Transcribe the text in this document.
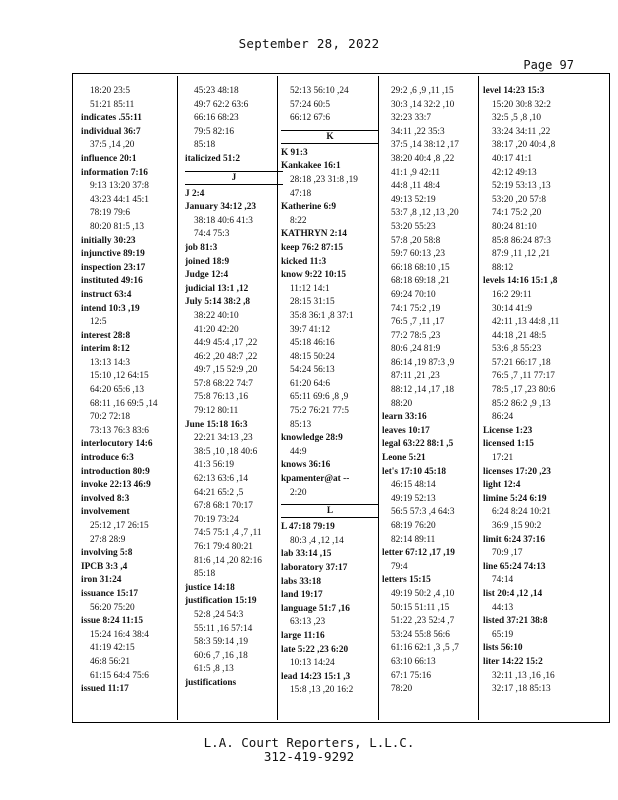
September 28, 2022
Page 97
18:20 23:5
51:21 85:11
indicates .55:11
individual 36:7
37:5 ,14 ,20
influence 20:1
information 7:16
9:13 13:20 37:8
43:23 44:1 45:1
78:19 79:6
80:20 81:5 ,13
initially 30:23
injunctive 89:19
inspection 23:17
instituted 49:16
instruct 63:4
intend 10:3 ,19
12:5
interest 28:8
interim 8:12
13:13 14:3
15:10 ,12 64:15
64:20 65:6 ,13
68:11 ,16 69:5 ,14
70:2 72:18
73:13 76:3 83:6
interlocutory 14:6
introduce 6:3
introduction 80:9
invoke 22:13 46:9
involved 8:3
involvement
25:12 ,17 26:15
27:8 28:9
involving 5:8
IPCB 3:3 ,4
iron 31:24
issuance 15:17
56:20 75:20
issue 8:24 11:15
15:24 16:4 38:4
41:19 42:15
46:8 56:21
61:15 64:4 75:6
issued 11:17
45:23 48:18
49:7 62:2 63:6
66:16 68:23
79:5 82:16
85:18
italicized 51:2
J
J 2:4
January 34:12 ,23
38:18 40:6 41:3
74:4 75:3
job 81:3
joined 18:9
Judge 12:4
judicial 13:1 ,12
July 5:14 38:2 ,8
38:22 40:10
41:20 42:20
44:9 45:4 ,17 ,22
46:2 ,20 48:7 ,22
49:7 ,15 52:9 ,20
57:8 68:22 74:7
75:8 76:13 ,16
79:12 80:11
June 15:18 16:3
22:21 34:13 ,23
38:5 ,10 ,18 40:6
41:3 56:19
62:13 63:6 ,14
64:21 65:2 ,5
67:8 68:1 70:17
70:19 73:24
74:5 75:1 ,4 ,7 ,11
76:1 79:4 80:21
81:6 ,14 ,20 82:16
85:18
justice 14:18
justification 15:19
52:8 ,24 54:3
55:11 ,16 57:14
58:3 59:14 ,19
60:6 ,7 ,16 ,18
61:5 ,8 ,13
justifications
52:13 56:10 ,24
57:24 60:5
66:12 67:6
K
K 91:3
Kankakee 16:1
28:18 ,23 31:8 ,19
47:18
Katherine 6:9
8:22
KATHRYN 2:14
keep 76:2 87:15
kicked 11:3
know 9:22 10:15
11:12 14:1
28:15 31:15
35:8 36:1 ,8 37:1
39:7 41:12
45:18 46:16
48:15 50:24
54:24 56:13
61:20 64:6
65:11 69:6 ,8 ,9
75:2 76:21 77:5
85:13
knowledge 28:9
44:9
knows 36:16
kpamenter@at --
2:20
L
L 47:18 79:19
80:3 ,4 ,12 ,14
lab 33:14 ,15
laboratory 37:17
labs 33:18
land 19:17
language 51:7 ,16
63:13 ,23
large 11:16
late 5:22 ,23 6:20
10:13 14:24
lead 14:23 15:1 ,3
15:8 ,13 ,20 16:2
29:2 ,6 ,9 ,11 ,15
30:3 ,14 32:2 ,10
32:23 33:7
34:11 ,22 35:3
37:5 ,14 38:12 ,17
38:20 40:4 ,8 ,22
41:1 ,9 42:11
44:8 ,11 48:4
49:13 52:19
53:7 ,8 ,12 ,13 ,20
53:20 55:23
57:8 ,20 58:8
59:7 60:13 ,23
66:18 68:10 ,15
68:18 69:18 ,21
69:24 70:10
74:1 75:2 ,19
76:5 ,7 ,11 ,17
77:2 78:5 ,23
80:6 ,24 81:9
86:14 ,19 87:3 ,9
87:11 ,21 ,23
88:12 ,14 ,17 ,18
88:20
learn 33:16
leaves 10:17
legal 63:22 88:1 ,5
Leone 5:21
let's 17:10 45:18
46:15 48:14
49:19 52:13
56:5 57:3 ,4 64:3
68:19 76:20
82:14 89:11
letter 67:12 ,17 ,19
79:4
letters 15:15
49:19 50:2 ,4 ,10
50:15 51:11 ,15
51:22 ,23 52:4 ,7
53:24 55:8 56:6
61:16 62:1 ,3 ,5 ,7
63:10 66:13
67:1 75:16
78:20
level 14:23 15:3
15:20 30:8 32:2
32:5 ,5 ,8 ,10
33:24 34:11 ,22
38:17 ,20 40:4 ,8
40:17 41:1
42:12 49:13
52:19 53:13 ,13
53:20 ,20 57:8
74:1 75:2 ,20
80:24 81:10
85:8 86:24 87:3
87:9 ,11 ,12 ,21
88:12
levels 14:16 15:1 ,8
16:2 29:11
30:14 41:9
42:11 ,13 44:8 ,11
44:18 ,21 48:5
53:6 ,8 55:23
57:21 66:17 ,18
76:5 ,7 ,11 77:17
78:5 ,17 ,23 80:6
85:2 86:2 ,9 ,13
86:24
License 1:23
licensed 1:15
17:21
licenses 17:20 ,23
light 12:4
limine 5:24 6:19
6:24 8:24 10:21
36:9 ,15 90:2
limit 6:24 37:16
70:9 ,17
line 65:24 74:13
74:14
list 20:4 ,12 ,14
44:13
listed 37:21 38:8
65:19
lists 56:10
liter 14:22 15:2
32:11 ,13 ,16 ,16
32:17 ,18 85:13
L.A. Court Reporters, L.L.C.
312-419-9292
